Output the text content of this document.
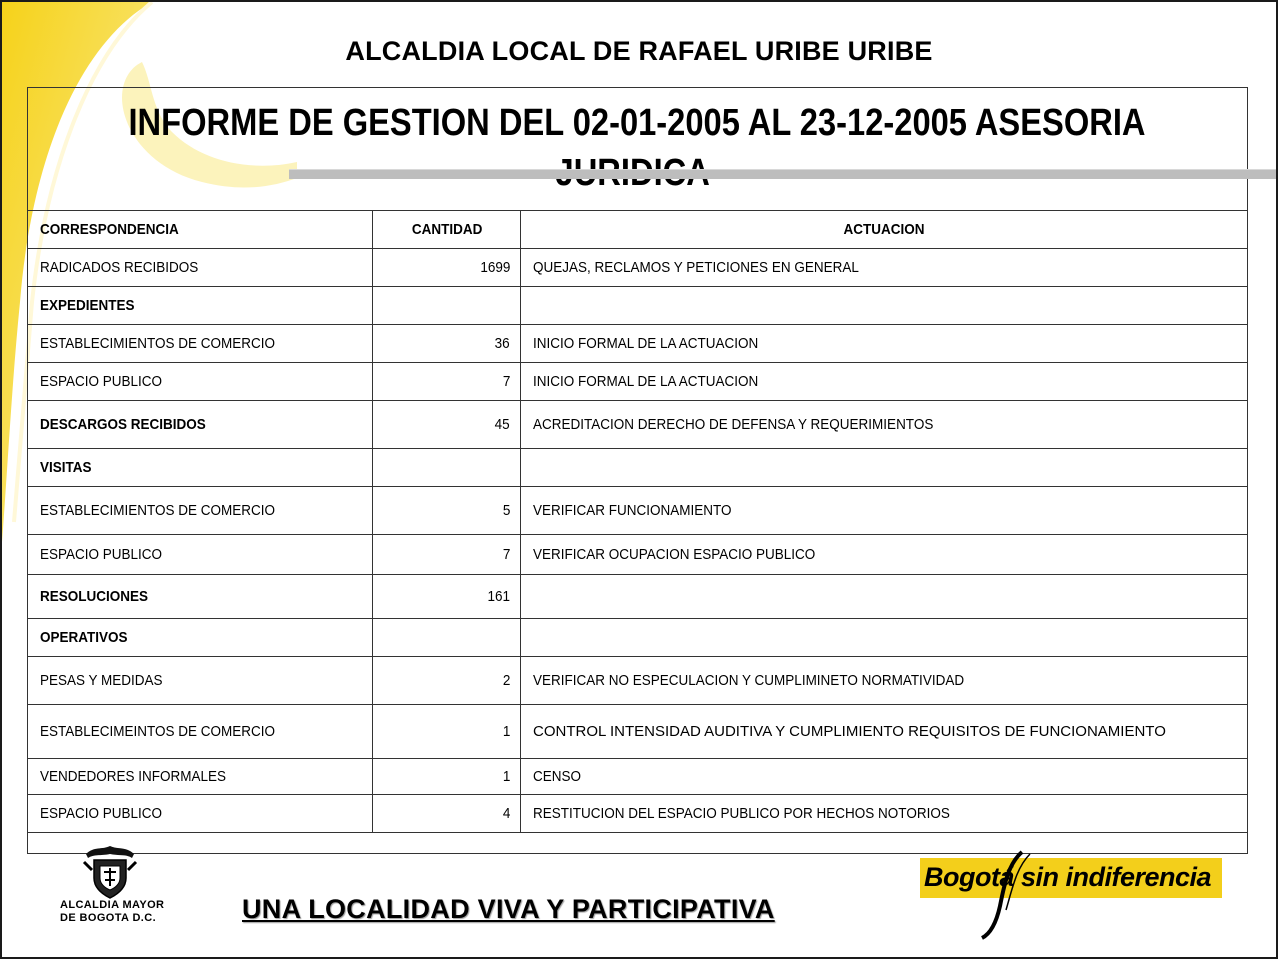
ALCALDIA LOCAL DE RAFAEL URIBE URIBE
INFORME DE GESTION DEL 02-01-2005 AL 23-12-2005 ASESORIA
CORRESPONDENCIA	CANTIDAD	ACTUACION
RADICADOS RECIBIDOS	1699	QUEJAS, RECLAMOS Y PETICIONES EN GENERAL
EXPEDIENTES		
ESTABLECIMIENTOS DE COMERCIO	36	INICIO FORMAL DE LA ACTUACION
ESPACIO PUBLICO	7	INICIO FORMAL DE LA ACTUACION
DESCARGOS RECIBIDOS	45	ACREDITACION DERECHO DE DEFENSA Y REQUERIMIENTOS
VISITAS		
ESTABLECIMIENTOS DE COMERCIO	5	VERIFICAR FUNCIONAMIENTO
ESPACIO PUBLICO	7	VERIFICAR OCUPACION ESPACIO PUBLICO
RESOLUCIONES	161	
OPERATIVOS		
PESAS Y MEDIDAS	2	VERIFICAR NO ESPECULACION Y CUMPLIMINETO NORMATIVIDAD
ESTABLECIMEINTOS DE COMERCIO	1	CONTROL INTENSIDAD AUDITIVA Y CUMPLIMIENTO REQUISITOS DE FUNCIONAMIENTO

VENDEDORES INFORMALES	1	CENSO
ESPACIO PUBLICO	4	RESTITUCION DEL ESPACIO PUBLICO POR HECHOS NOTORIOS
ALCALDIA MAYOR
DE BOGOTA D.C.	UNA LOCALIDAD VIVA Y PARTICIPATIVA
Bogotá sin indiferencia
